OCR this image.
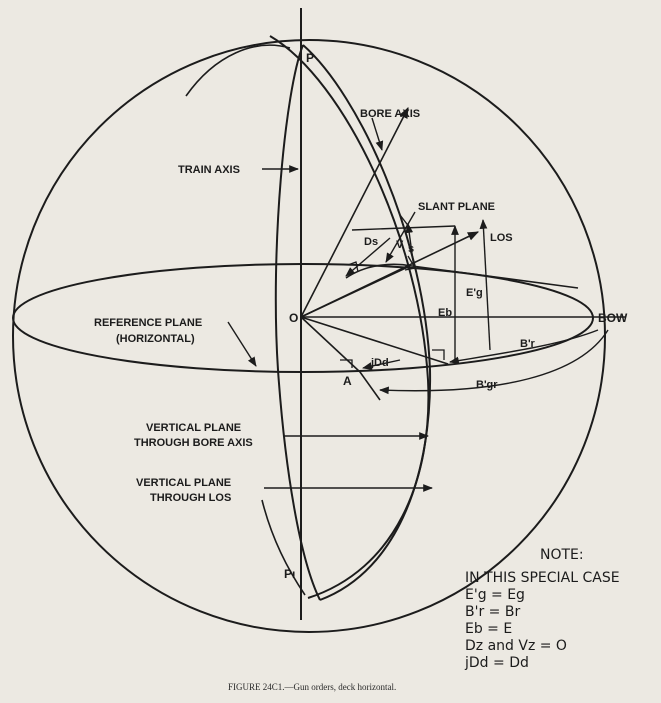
P
Pı
O
A
BOW
BORE AXIS
TRAIN AXIS
SLANT PLANE
LOS
Ds V s
E'g
Eb
B'r
B'gr
jDd
REFERENCE PLANE
(HORIZONTAL)
VERTICAL PLANE
THROUGH BORE AXIS
VERTICAL PLANE
THROUGH LOS
NOTE:
IN THIS SPECIAL CASE
E'g = Eg
B'r = Br
Eb = E
Dz and Vz = O
jDd = Dd
FIGURE 24C1.—Gun orders, deck horizontal.
